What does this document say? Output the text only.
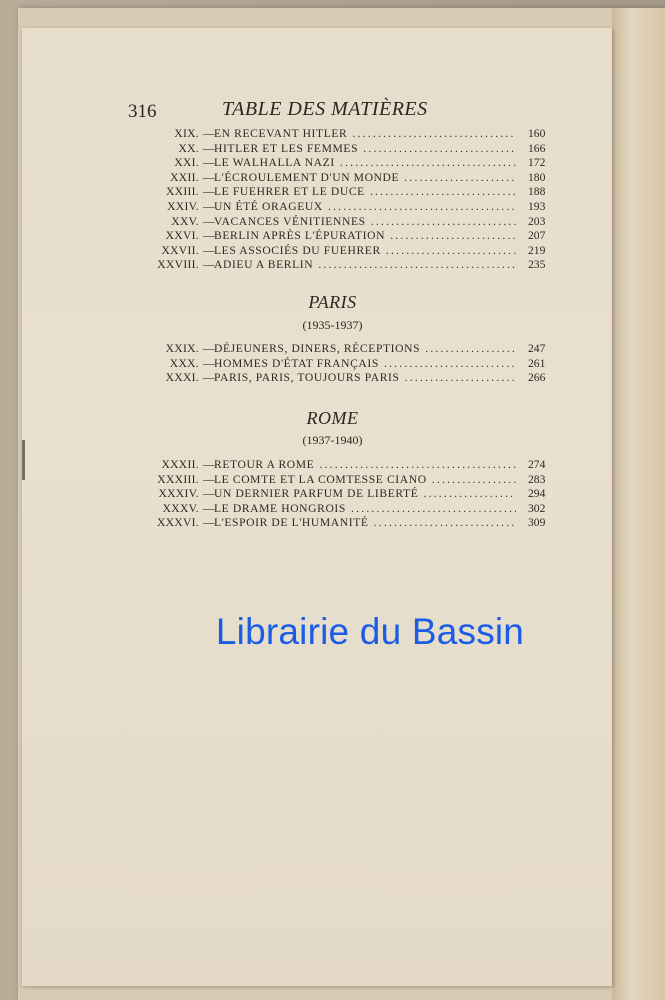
316	TABLE DES MATIÈRES
XIX. — EN RECEVANT HITLER .....	160
XX. — HITLER ET LES FEMMES .....	166
XXI. — LE WALHALLA NAZI .....	172
XXII. — L'ÉCROULEMENT D'UN MONDE .....	180
XXIII. — LE FUEHRER ET LE DUCE .....	188
XXIV. — UN ÉTÉ ORAGEUX .....	193
XXV. — VACANCES VÉNITIENNES .....	203
XXVI. — BERLIN APRÈS L'ÉPURATION .....	207
XXVII. — LES ASSOCIÉS DU FUEHRER .....	219
XXVIII. — ADIEU A BERLIN .....	235
PARIS
(1935-1937)
XXIX. — DÉJEUNERS, DINERS, RÉCEPTIONS .....	247
XXX. — HOMMES D'ÉTAT FRANÇAIS .....	261
XXXI. — PARIS, PARIS, TOUJOURS PARIS .....	266
ROME
(1937-1940)
XXXII. — RETOUR A ROME .....	274
XXXIII. — LE COMTE ET LA COMTESSE CIANO .....	283
XXXIV. — UN DERNIER PARFUM DE LIBERTÉ .....	294
XXXV. — LE DRAME HONGROIS .....	302
XXXVI. — L'ESPOIR DE L'HUMANITÉ .....	309
Librairie du Bassin
